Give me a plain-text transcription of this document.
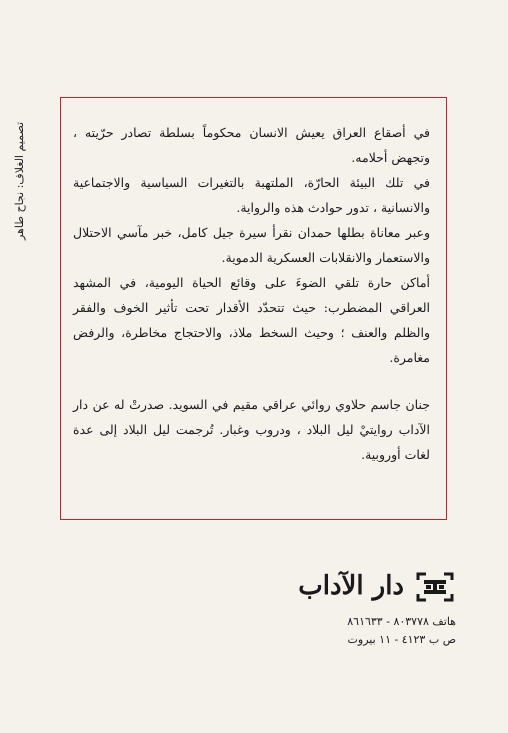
تصميم الغلاف: نجاح طاهر	في أصقاع العراق يعيش الانسان محكوماً بسلطة تصادر حرّيته ، وتجهض أحلامه.

في تلك البيئة الحارّة، الملتهبة بالتغيرات السياسية والاجتماعية والانسانية ، تدور حوادث هذه والرواية.

وعبر معاناة بطلها حمدان نقرأ سيرة جيل كامل، خبر مآسي الاحتلال والاستعمار والانقلابات العسكرية الدموية.

أماكن حارة تلقي الضوءَ على وقائع الحياة اليومية، في المشهد العراقي المضطرب: حيث تتحدّد الأقدار تحت تأثير الخوف والفقر والظلم والعنف ؛ وحيث السخط ملاذ، والاحتجاج مخاطرة، والرفض مغامرة.

جنان جاسم حلاوي روائي عراقي مقيم في السويد. صدرتْ له عن دار الآداب روايتيْ ليل البلاد ، ودروب وغبار. تُرجمت ليل البلاد إلى عدة لغات أوروبية.

دار الآداب
هاتف ٨٠٣٧٧٨ - ٨٦١٦٣٣
ص ب ٤١٢٣ - ١١ بيروت
